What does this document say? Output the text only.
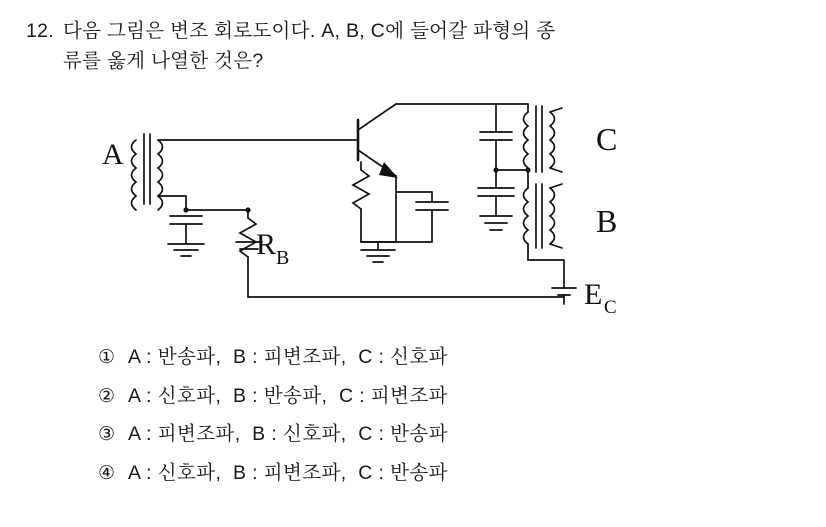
12. 다음 그림은 변조 회로도이다. A, B, C에 들어갈 파형의 종
류를 옳게 나열한 것은?
A	C
B
R B
E C
① A : 반송파,  B : 피변조파,  C : 신호파
② A : 신호파,  B : 반송파,  C : 피변조파
③ A : 피변조파,  B : 신호파,  C : 반송파
④ A : 신호파,  B : 피변조파,  C : 반송파
